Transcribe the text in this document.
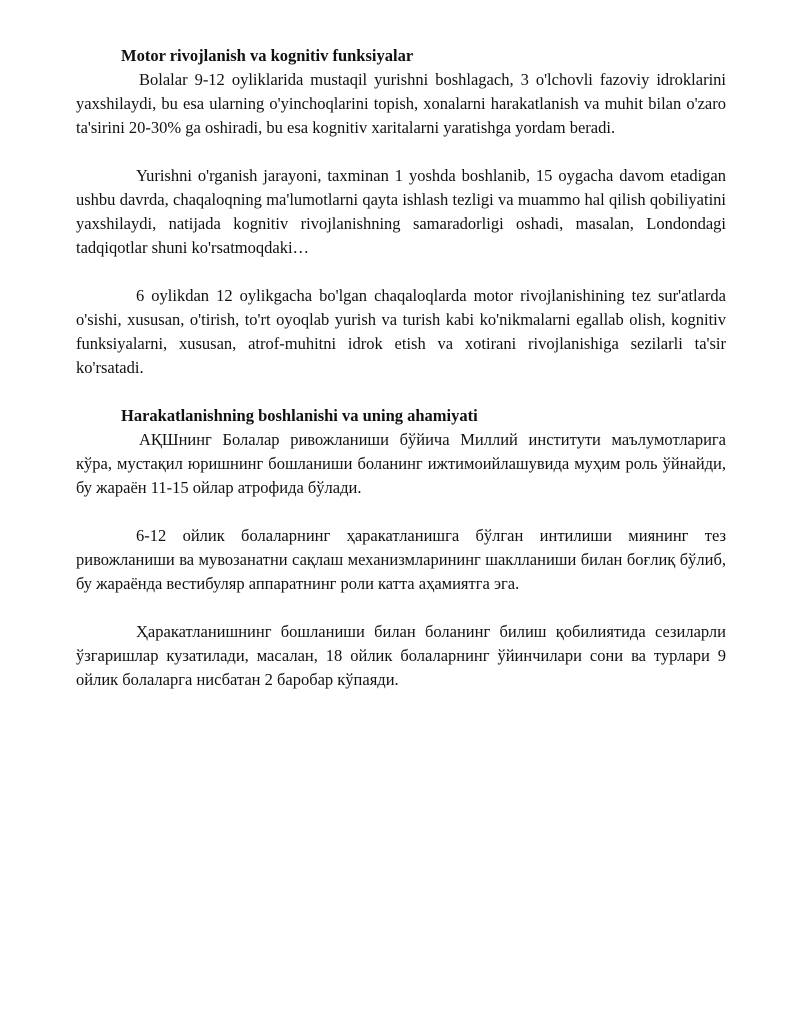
Motor rivojlanish va kognitiv funksiyalar

Bolalar 9-12 oyliklarida mustaqil yurishni boshlagach, 3 o'lchovli fazoviy idroklarini yaxshilaydi, bu esa ularning o'yinchoqlarini topish, xonalarni harakatlanish va muhit bilan o'zaro ta'sirini 20-30% ga oshiradi, bu esa kognitiv xaritalarni yaratishga yordam beradi.

Yurishni o'rganish jarayoni, taxminan 1 yoshda boshlanib, 15 oygacha davom etadigan ushbu davrda, chaqaloqning ma'lumotlarni qayta ishlash tezligi va muammo hal qilish qobiliyatini yaxshilaydi, natijada kognitiv rivojlanishning samaradorligi oshadi, masalan, Londondagi tadqiqotlar shuni ko'rsatmoqdaki…

6 oylikdan 12 oylikgacha bo'lgan chaqaloqlarda motor rivojlanishining tez sur'atlarda o'sishi, xususan, o'tirish, to'rt oyoqlab yurish va turish kabi ko'nikmalarni egallab olish, kognitiv funksiyalarni, xususan, atrof-muhitni idrok etish va xotirani rivojlanishiga sezilarli ta'sir ko'rsatadi.

Harakatlanishning boshlanishi va uning ahamiyati

АҚШнинг Болалар ривожланиши бўйича Миллий институти маълумотларига кўра, мустақил юришнинг бошланиши боланинг ижтимоийлашувида муҳим роль ўйнайди, бу жараён 11-15 ойлар атрофида бўлади.

6-12 ойлик болаларнинг ҳаракатланишга бўлган интилиши миянинг тез ривожланиши ва мувозанатни сақлаш механизмларининг шаклланиши билан боғлиқ бўлиб, бу жараёнда вестибуляр аппаратнинг роли катта аҳамиятга эга.

Ҳаракатланишнинг бошланиши билан боланинг билиш қобилиятида сезиларли ўзгаришлар кузатилади, масалан, 18 ойлик болаларнинг ўйинчилари сони ва турлари 9 ойлик болаларга нисбатан 2 баробар кўпаяди.
